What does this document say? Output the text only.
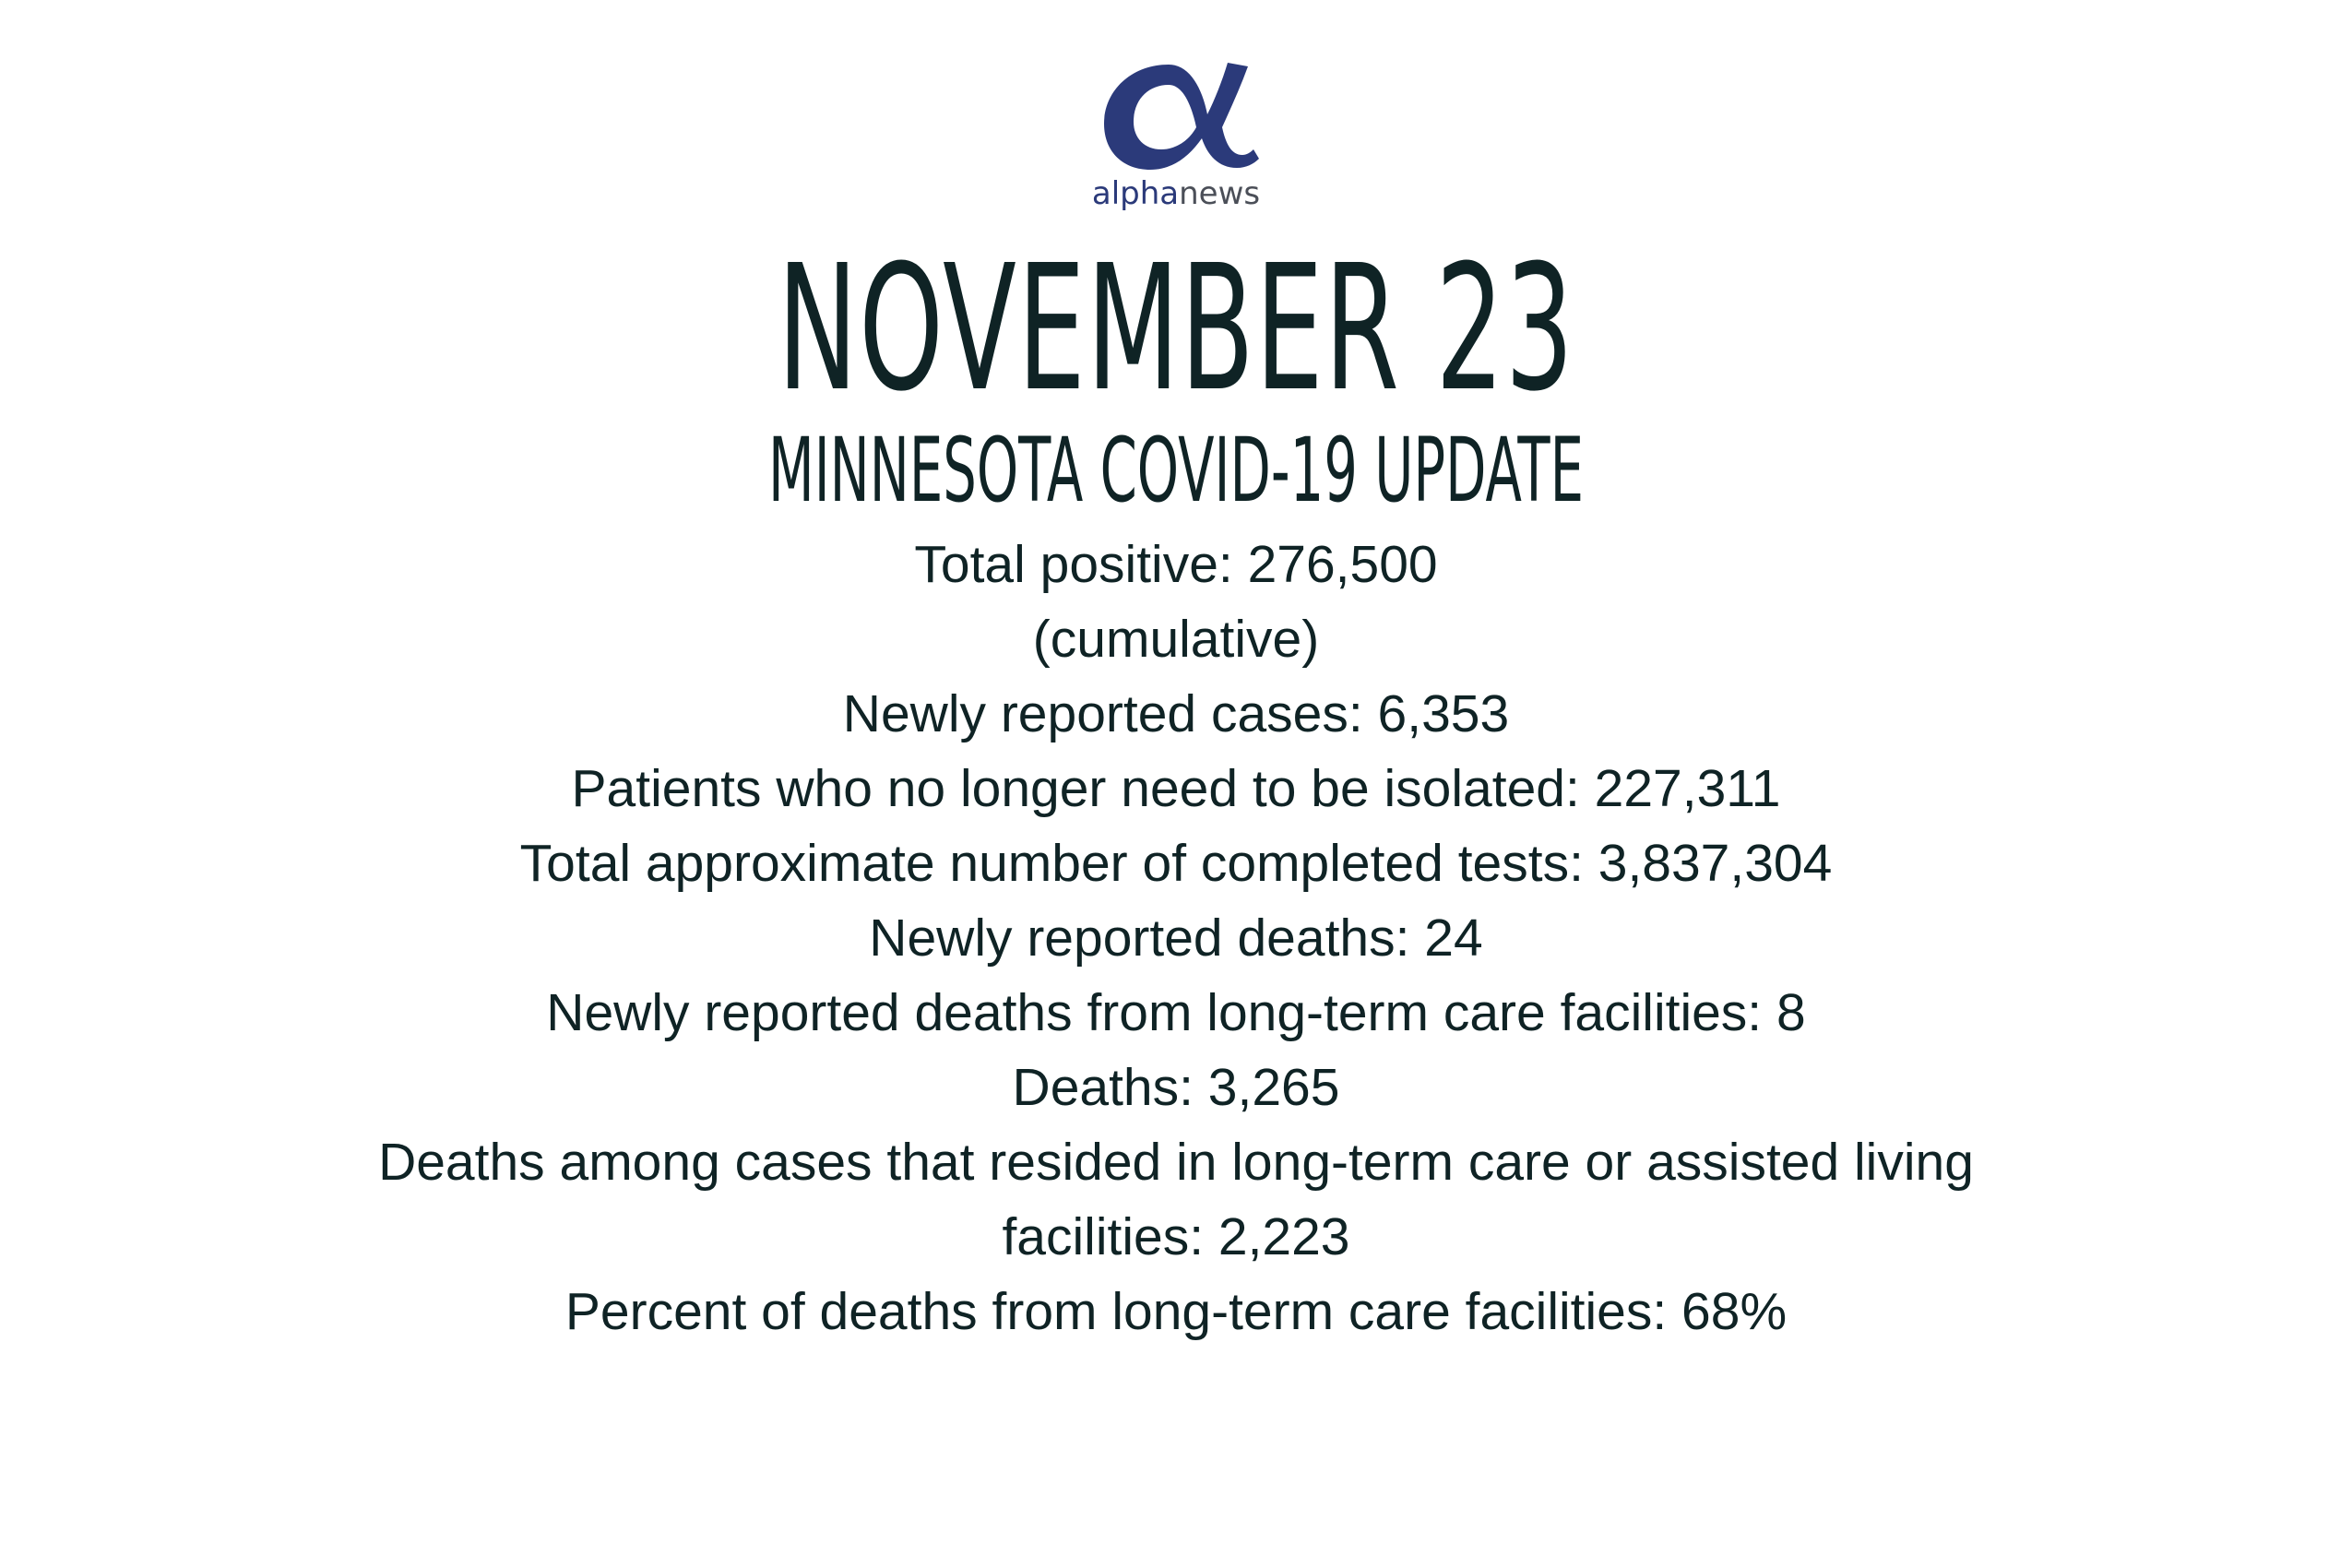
alphanews
NOVEMBER 23
MINNESOTA COVID-19 UPDATE
Total positive: 276,500
(cumulative)
Newly reported cases: 6,353
Patients who no longer need to be isolated: 227,311
Total approximate number of completed tests: 3,837,304
Newly reported deaths: 24
Newly reported deaths from long-term care facilities: 8
Deaths: 3,265
Deaths among cases that resided in long-term care or assisted living
facilities: 2,223
Percent of deaths from long-term care facilities: 68%
